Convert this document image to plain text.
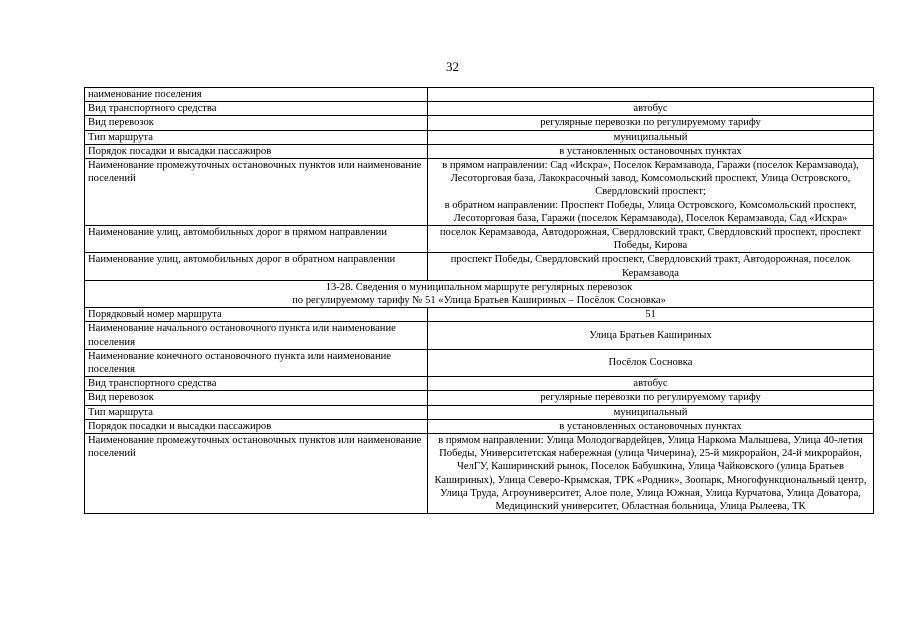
32
наименование поселения	
Вид транспортного средства	автобус
Вид перевозок	регулярные перевозки по регулируемому тарифу
Тип маршрута	муниципальный
Порядок посадки и высадки пассажиров	в установленных остановочных пунктах
Наименование промежуточных остановочных пунктов или наименование поселений	в прямом направлении: Сад «Искра», Поселок Керамзавода, Гаражи (поселок Керамзавода), Лесоторговая база, Лакокрасочный завод, Комсомольский проспект, Улица Островского, Свердловский проспект;
в обратном направлении: Проспект Победы, Улица Островского, Комсомольский проспект, Лесоторговая база, Гаражи (поселок Керамзавода), Поселок Керамзавода, Сад «Искра»

Наименование улиц, автомобильных дорог в прямом направлении	поселок Керамзавода, Автодорожная, Свердловский тракт, Свердловский проспект, проспект Победы, Кирова
Наименование улиц, автомобильных дорог в обратном направлении	проспект Победы, Свердловский проспект, Свердловский тракт, Автодорожная, поселок Керамзавода

13-28. Сведения о муниципальном маршруте регулярных перевозок
по регулируемому тарифу № 51 «Улица Братьев Кашириных – Посёлок Сосновка»	

Порядковый номер маршрута	51
Наименование начального остановочного пункта или наименование поселения	Улица Братьев Кашириных
Наименование конечного остановочного пункта или наименование поселения	Посёлок Сосновка
Вид транспортного средства	автобус
Вид перевозок	регулярные перевозки по регулируемому тарифу
Тип маршрута	муниципальный
Порядок посадки и высадки пассажиров	в установленных остановочных пунктах
Наименование промежуточных остановочных пунктов или наименование поселений	в прямом направлении: Улица Молодогвардейцев, Улица Наркома Малышева, Улица 40-летия Победы, Университетская набережная (улица Чичерина), 25-й микрорайон, 24-й микрорайон, ЧелГУ, Каширинский рынок, Поселок Бабушкина, Улица Чайковского (улица Братьев Кашириных), Улица Северо-Крымская, ТРК «Родник», Зоопарк, Многофункциональный центр, Улица Труда, Агроуниверситет, Алое поле, Улица Южная, Улица Курчатова, Улица Доватора, Медицинский университет, Областная больница, Улица Рылеева, ТК
